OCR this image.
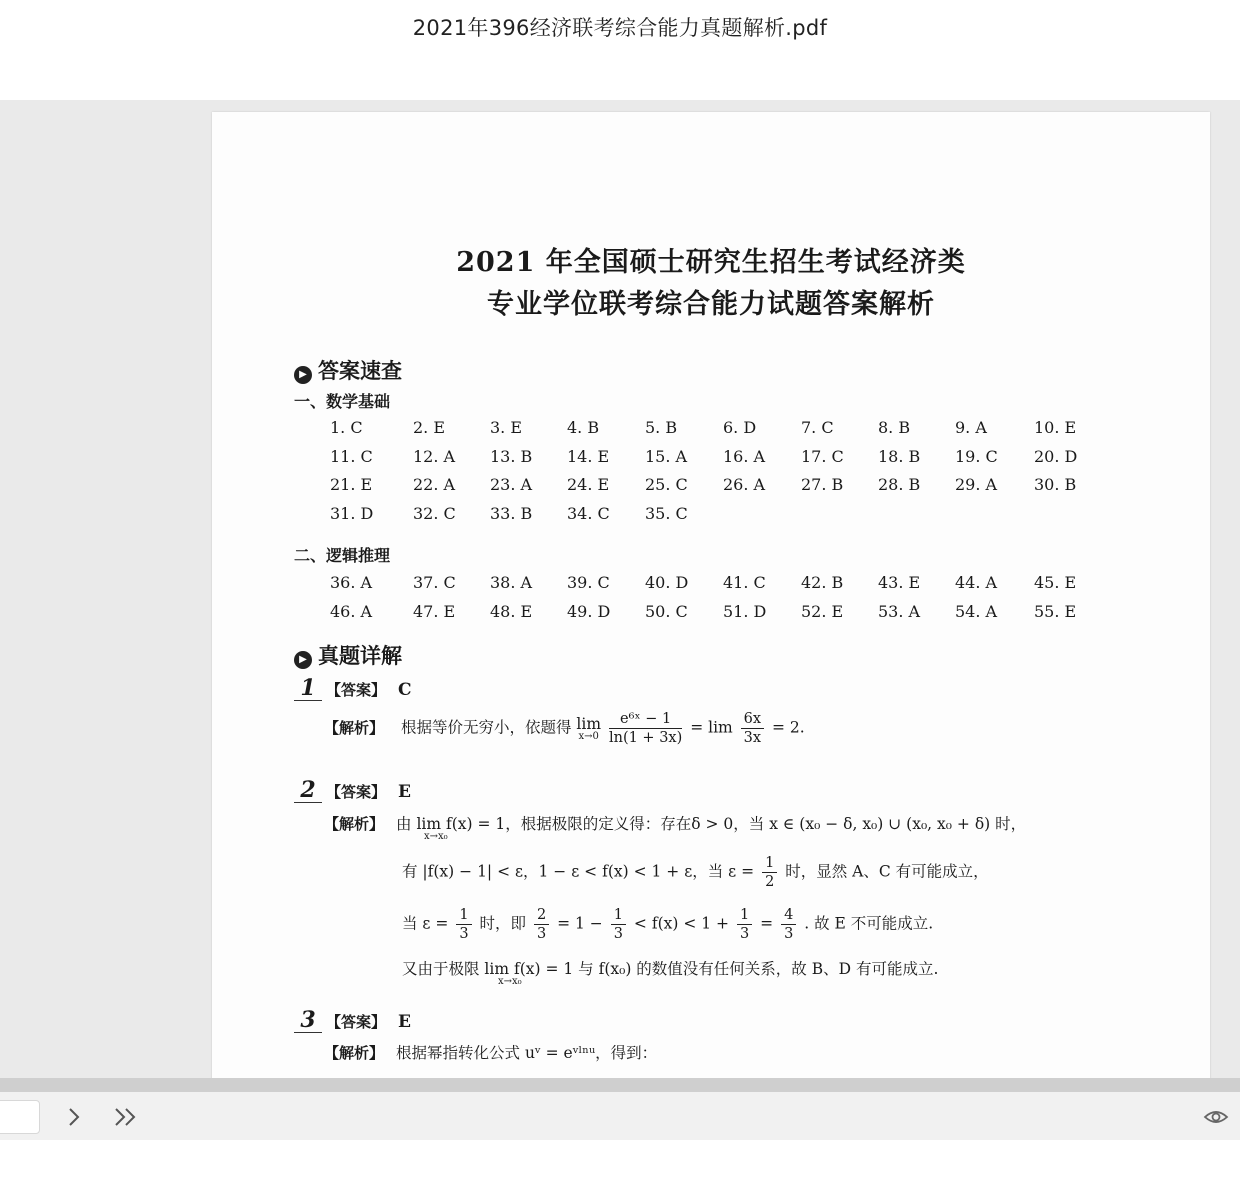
2021年396经济联考综合能力真题解析.pdf
2021 年全国硕士研究生招生考试经济类
专业学位联考综合能力试题答案解析
▶ 答案速查
一、数学基础
1. C	2. E	3. E	4. B	5. B	6. D	7. C	8. B	9. A	10. E
11. C	12. A	13. B	14. E	15. A	16. A	17. C	18. B	19. C	20. D
21. E	22. A	23. A	24. E	25. C	26. A	27. B	28. B	29. A	30. B
31. D	32. C	33. B	34. C	35. C
二、逻辑推理
36. A	37. C	38. A	39. C	40. D	41. C	42. B	43. E	44. A	45. E
46. A	47. E	48. E	49. D	50. C	51. D	52. E	53. A	54. A	55. E
▶ 真题详解
1 【答案】 C
【解析】 根据等价无穷小，依题得 lim
x→0
$\frac{\text{e⁶ˣ − 1}}{\ln(1 + 3x)} = \lim \frac{6x}{3x} = 2$.
2 【答案】 E
【解析】 由 lim f(x) = 1，根据极限的定义得：存在δ > 0，当 x ∈ (x₀ − δ, x₀) ∪ (x₀, x₀ + δ) 时，
x→x₀
有 |f(x) − 1| < ε，1 − ε < f(x) < 1 + ε，当 $\varepsilon = \frac{1}{2}$ 时，显然 A、C 有可能成立，
当 $\varepsilon = \frac{1}{3}$ 时，即 $\frac{2}{3} = 1 - \frac{1}{3} < f(x) < 1 + \frac{1}{3} = \frac{4}{3}$ . 故 E 不可能成立.
又由于极限 lim f(x) = 1 与 f(x₀) 的数值没有任何关系，故 B、D 有可能成立.
x→x₀
3 【答案】 E
【解析】 根据幂指转化公式 uᵛ = eᵛˡⁿᵘ，得到：
